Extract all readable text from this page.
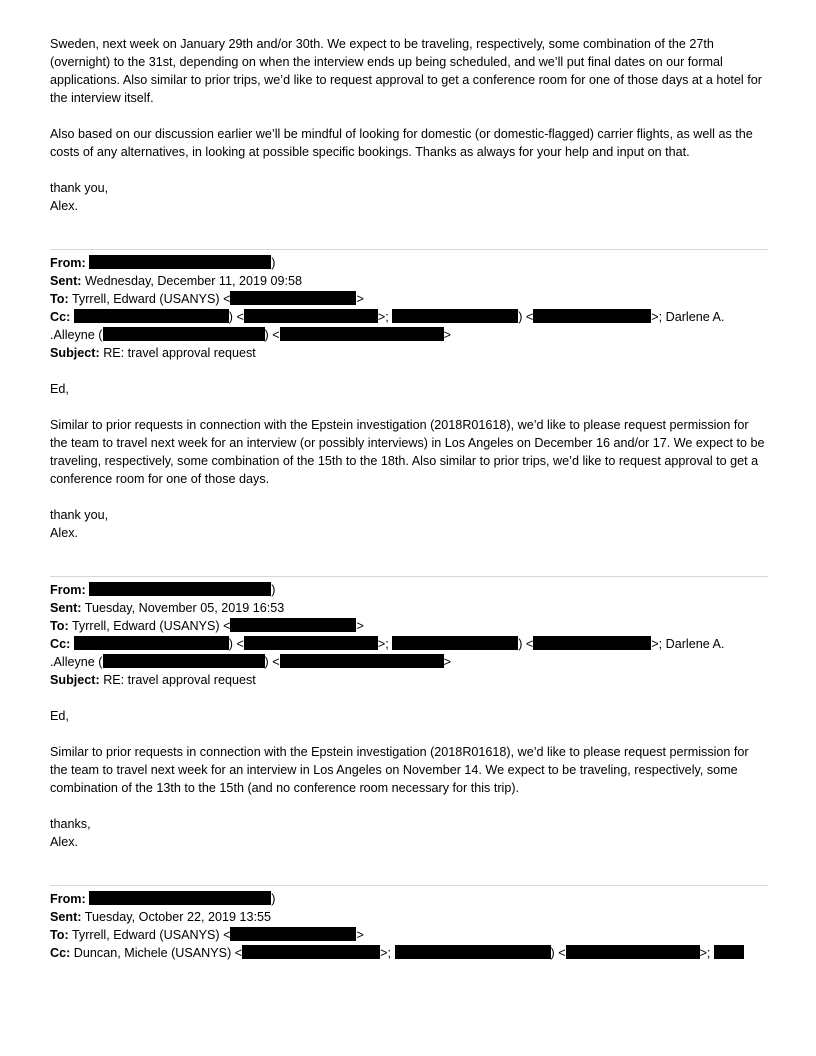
Sweden, next week on January 29th and/or 30th. We expect to be traveling, respectively, some combination of the 27th (overnight) to the 31st, depending on when the interview ends up being scheduled, and we’ll put final dates on our formal applications. Also similar to prior trips, we’d like to request approval to get a conference room for one of those days at a hotel for the interview itself.

Also based on our discussion earlier we’ll be mindful of looking for domestic (or domestic-flagged) carrier flights, as well as the costs of any alternatives, in looking at possible specific bookings. Thanks as always for your help and input on that.

thank you,

Alex.

From:	)

Sent: Wednesday, December 11, 2019 09:58

To: Tyrrell, Edward (USANYS) <	>

Cc:	) <	>;	) <	>; Darlene A.

.Alleyne (	) <	>

Subject: RE: travel approval request

Ed,

Similar to prior requests in connection with the Epstein investigation (2018R01618), we’d like to please request permission for the team to travel next week for an interview (or possibly interviews) in Los Angeles on December 16 and/or 17. We expect to be traveling, respectively, some combination of the 15th to the 18th. Also similar to prior trips, we’d like to request approval to get a conference room for one of those days.

thank you,

Alex.

From:	)

Sent: Tuesday, November 05, 2019 16:53

To: Tyrrell, Edward (USANYS) <	>

Cc:	) <	>;	) <	>; Darlene A.

.Alleyne (	) <	>

Subject: RE: travel approval request

Ed,

Similar to prior requests in connection with the Epstein investigation (2018R01618), we’d like to please request permission for the team to travel next week for an interview in Los Angeles on November 14. We expect to be traveling, respectively, some combination of the 13th to the 15th (and no conference room necessary for this trip).

thanks,

Alex.

From:	)

Sent: Tuesday, October 22, 2019 13:55

To: Tyrrell, Edward (USANYS) <	>

Cc: Duncan, Michele (USANYS) <	>;	) <	>;
